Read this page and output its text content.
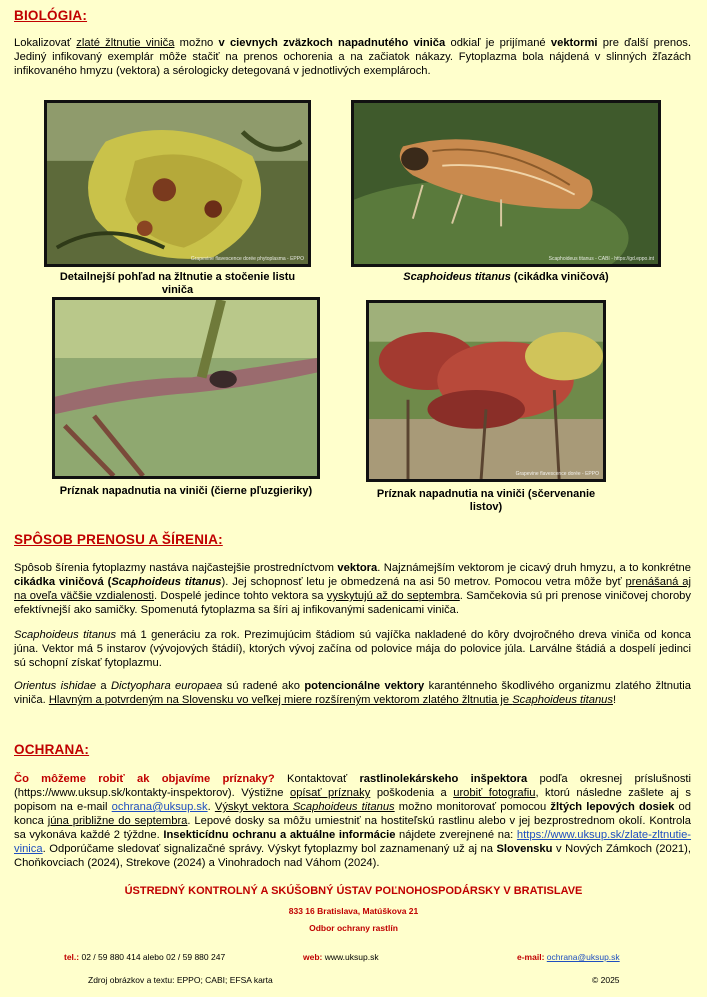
BIOLÓGIA:
Lokalizovať zlaté žltnutie viniča možno v cievnych zväzkoch napadnutého viniča odkiaľ je prijímané vektormi pre ďalší prenos. Jediný infikovaný exemplár môže stačiť na prenos ochorenia a na začiatok nákazy. Fytoplazma bola nájdená v slinných žľazách infikovaného hmyzu (vektora) a sérologicky detegovaná v jednotlivých exemplároch.
Grapevine flavescence dorée phytoplasma - EPPO
Detailnejší pohľad na žltnutie a stočenie listu viniča
Scaphoideus titanus - CABI - https://gd.eppo.int
Scaphoideus titanus (cikádka viničová)
Príznak napadnutia na viniči (čierne pľuzgieriky)
Grapevine flavescence dorée - EPPO
Príznak napadnutia na viniči (sčervenanie listov)
SPÔSOB PRENOSU A ŠÍRENIA:
Spôsob šírenia fytoplazmy nastáva najčastejšie prostredníctvom vektora. Najznámejším vektorom je cicavý druh hmyzu, a to konkrétne cikádka viničová (Scaphoideus titanus). Jej schopnosť letu je obmedzená na asi 50 metrov. Pomocou vetra môže byť prenášaná aj na oveľa väčšie vzdialenosti. Dospelé jedince tohto vektora sa vyskytujú až do septembra. Samčekovia sú pri prenose viničovej choroby efektívnejší ako samičky. Spomenutá fytoplazma sa šíri aj infikovanými sadenicami viniča.
Scaphoideus titanus má 1 generáciu za rok. Prezimujúcim štádiom sú vajíčka nakladené do kôry dvojročného dreva viniča od konca júna. Vektor má 5 instarov (vývojových štádií), ktorých vývoj začína od polovice mája do polovice júla. Larválne štádiá a dospelí jedinci sú schopní získať fytoplazmu.
Orientus ishidae a Dictyophara europaea sú radené ako potencionálne vektory karanténneho škodlivého organizmu zlatého žltnutia viniča. Hlavným a potvrdeným na Slovensku vo veľkej miere rozšíreným vektorom zlatého žltnutia je Scaphoideus titanus!
OCHRANA:
Čo môžeme robiť ak objavíme príznaky? Kontaktovať rastlinolekárskeho inšpektora podľa okresnej príslušnosti (https://www.uksup.sk/kontakty-inspektorov). Výstižne opísať príznaky poškodenia a urobiť fotografiu, ktorú následne zašlete aj s popisom na e-mail ochrana@uksup.sk. Výskyt vektora Scaphoideus titanus možno monitorovať pomocou žltých lepových dosiek od konca júna približne do septembra. Lepové dosky sa môžu umiestniť na hostiteľskú rastlinu alebo v jej bezprostrednom okolí. Kontrola sa vykonáva každé 2 týždne. Insekticídnu ochranu a aktuálne informácie nájdete zverejnené na: https://www.uksup.sk/zlate-zltnutie-vinica. Odporúčame sledovať signalizačné správy. Výskyt fytoplazmy bol zaznamenaný už aj na Slovensku v Nových Zámkoch (2021), Choňkovciach (2024), Strekove (2024) a Vinohradoch nad Váhom (2024).
ÚSTREDNÝ KONTROLNÝ A SKÚŠOBNÝ ÚSTAV POĽNOHOSPODÁRSKY V BRATISLAVE
833 16 Bratislava, Matúškova 21
Odbor ochrany rastlín
tel.: 02 / 59 880 414 alebo 02 / 59 880 247	web: www.uksup.sk	e-mail: ochrana@uksup.sk
Zdroj obrázkov a textu: EPPO; CABI; EFSA karta	© 2025
